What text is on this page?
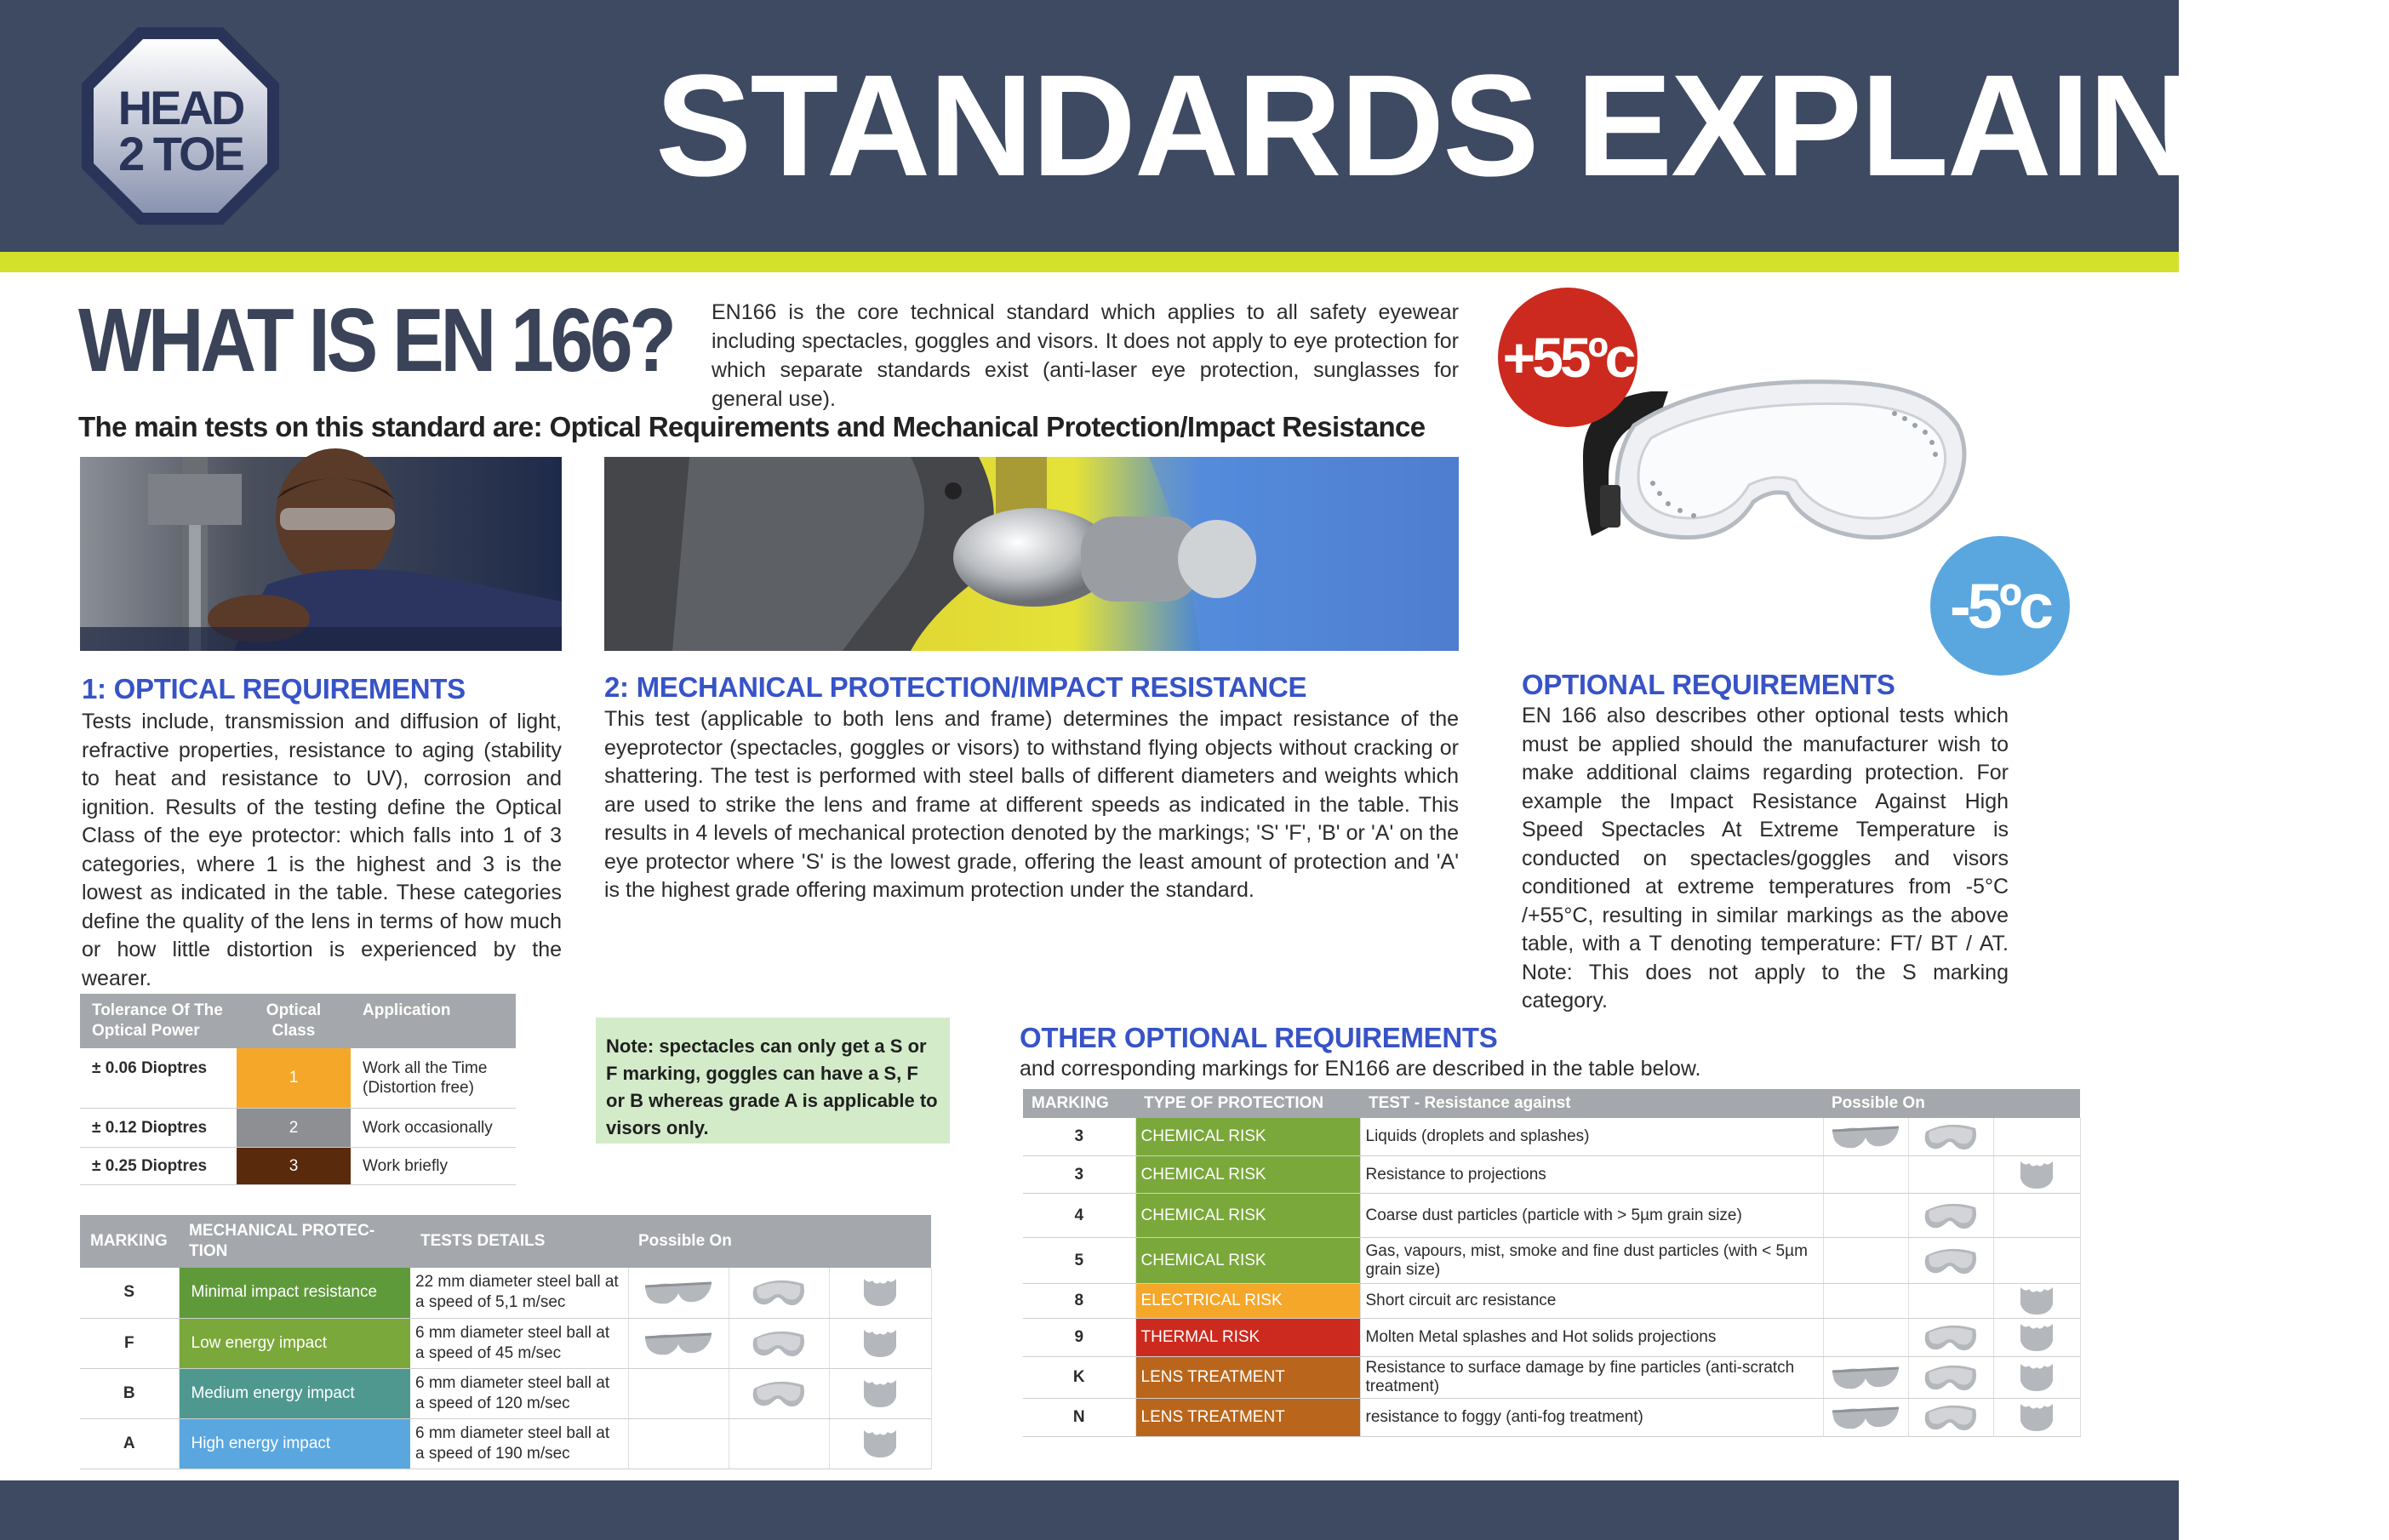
HEAD
2 TOE	STANDARDS EXPLAINED
WHAT IS EN 166? EN166 is the core technical standard which applies to all safety eyewear including spectacles, goggles and visors. It does not apply to eye protection for which separate standards exist (anti-laser eye protection, sunglasses for general use).
The main tests on this standard are: Optical Requirements and Mechanical Protection/Impact Resistance
+55ºc
-5ºc
1: OPTICAL REQUIREMENTS
Tests include, transmission and diffusion of light, refractive properties, resistance to aging (stability to heat and resistance to UV), corrosion and ignition. Results of the testing define the Optical Class of the eye protector: which falls into 1 of 3 categories, where 1 is the highest and 3 is the lowest as indicated in the table. These categories define the quality of the lens in terms of how much or how little distortion is experienced by the wearer.
2: MECHANICAL PROTECTION/IMPACT RESISTANCE
This test (applicable to both lens and frame) determines the impact resistance of the eyeprotector (spectacles, goggles or visors) to withstand flying objects without cracking or shattering. The test is performed with steel balls of different diameters and weights which are used to strike the lens and frame at different speeds as indicated in the table. This results in 4 levels of mechanical protection denoted by the markings; 'S' 'F', 'B' or 'A' on the eye protector where 'S' is the lowest grade, offering the least amount of protection and 'A' is the highest grade offering maximum protection under the standard.
OPTIONAL REQUIREMENTS
EN 166 also describes other optional tests which must be applied should the manufacturer wish to make additional claims regarding protection. For example the Impact Resistance Against High Speed Spectacles At Extreme Temperature is conducted on spectacles/goggles and visors conditioned at extreme temperatures from -5°C /+55°C, resulting in similar markings as the above table, with a T denoting temperature: FT/ BT / AT. Note: This does not apply to the S marking category.
Tolerance Of The Optical Power	Optical Class	Application
± 0.06 Dioptres	1	Work all the Time (Distortion free)
± 0.12 Dioptres	2	Work occasionally
± 0.25 Dioptres	3	Work briefly
Note: spectacles can only get a S or F marking, goggles can have a S, F or B whereas grade A is applicable to visors only.
MARKING	MECHANICAL PROTEC-TION	TESTS DETAILS	Possible On		
S	Minimal impact resistance	22 mm diameter steel ball at a speed of 5,1 m/sec			
F	Low energy impact	6 mm diameter steel ball at a speed of 45 m/sec			
B	Medium energy impact	6 mm diameter steel ball at a speed of 120 m/sec			
A	High energy impact	6 mm diameter steel ball at a speed of 190 m/sec			
OTHER OPTIONAL REQUIREMENTS
and corresponding markings for EN166 are described in the table below.
MARKING	TYPE OF PROTECTION	TEST - Resistance against	Possible On		
3	CHEMICAL RISK	Liquids (droplets and splashes)			
3	CHEMICAL RISK	Resistance to projections			
4	CHEMICAL RISK	Coarse dust particles (particle with > 5µm grain size)			
5	CHEMICAL RISK	Gas, vapours, mist, smoke and fine dust particles (with < 5µm grain size)			
8	ELECTRICAL RISK	Short circuit arc resistance			
9	THERMAL RISK	Molten Metal splashes and Hot solids projections			
K	LENS TREATMENT	Resistance to surface damage by fine particles (anti-scratch treatment)			
N	LENS TREATMENT	resistance to foggy (anti-fog treatment)			
